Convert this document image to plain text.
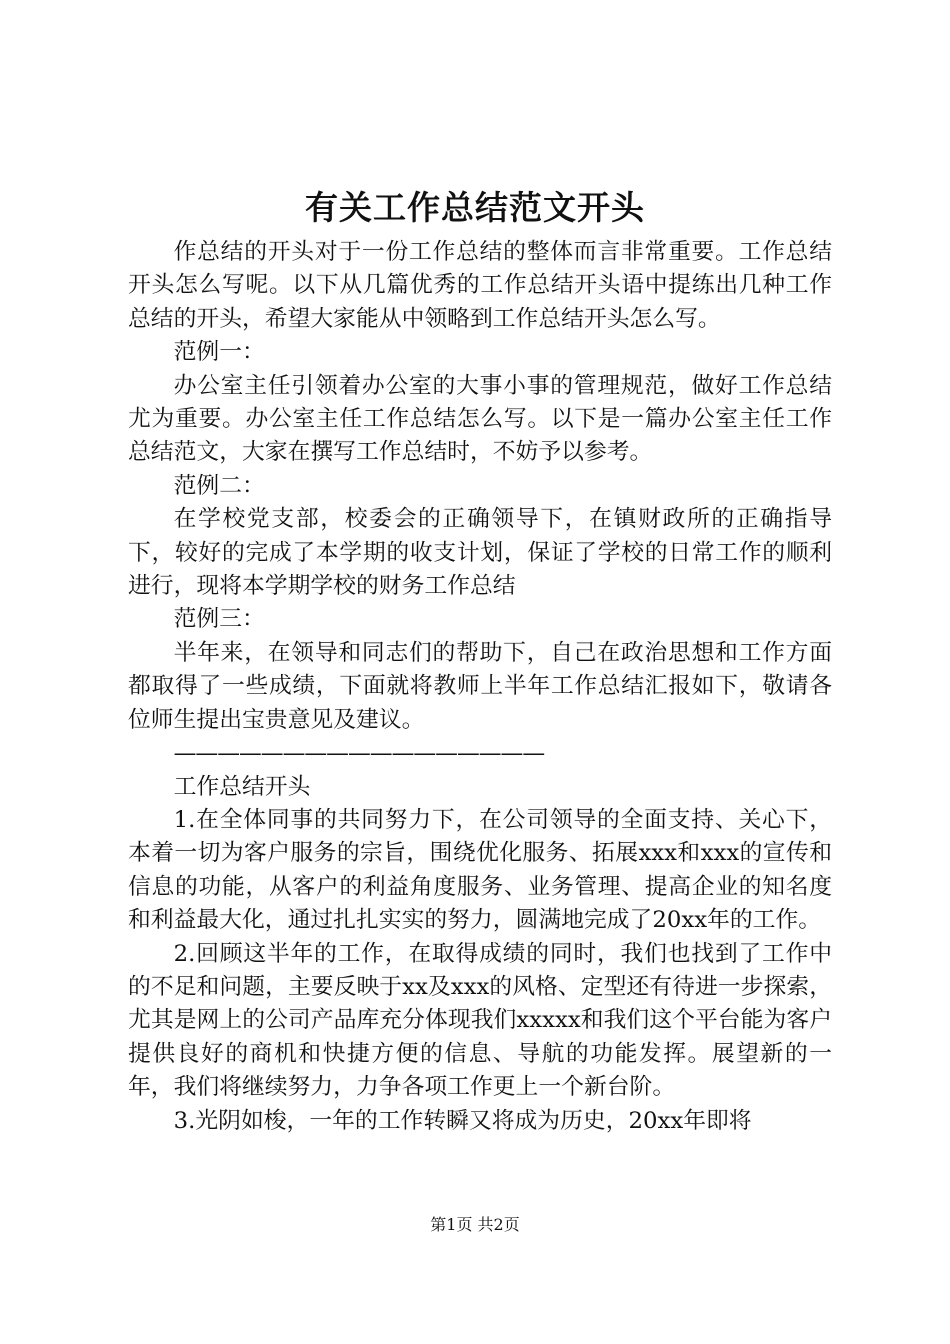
有关工作总结范文开头

作总结的开头对于一份工作总结的整体而言非常重要。工作总结开头怎么写呢。以下从几篇优秀的工作总结开头语中提练出几种工作总结的开头，希望大家能从中领略到工作总结开头怎么写。

范例一：

办公室主任引领着办公室的大事小事的管理规范，做好工作总结尤为重要。办公室主任工作总结怎么写。以下是一篇办公室主任工作总结范文，大家在撰写工作总结时，不妨予以参考。

范例二：

在学校党支部，校委会的正确领导下，在镇财政所的正确指导下，较好的完成了本学期的收支计划，保证了学校的日常工作的顺利进行，现将本学期学校的财务工作总结

范例三：

半年来，在领导和同志们的帮助下，自己在政治思想和工作方面都取得了一些成绩，下面就将教师上半年工作总结汇报如下，敬请各位师生提出宝贵意见及建议。

—————————————————

工作总结开头

1.在全体同事的共同努力下，在公司领导的全面支持、关心下，本着一切为客户服务的宗旨，围绕优化服务、拓展xxx和xxx的宣传和信息的功能，从客户的利益角度服务、业务管理、提高企业的知名度和利益最大化，通过扎扎实实的努力，圆满地完成了20xx年的工作。

2.回顾这半年的工作，在取得成绩的同时，我们也找到了工作中的不足和问题，主要反映于xx及xxx的风格、定型还有待进一步探索，尤其是网上的公司产品库充分体现我们xxxxx和我们这个平台能为客户提供良好的商机和快捷方便的信息、导航的功能发挥。展望新的一年，我们将继续努力，力争各项工作更上一个新台阶。

3.光阴如梭，一年的工作转瞬又将成为历史，20xx年即将

第1页 共2页
